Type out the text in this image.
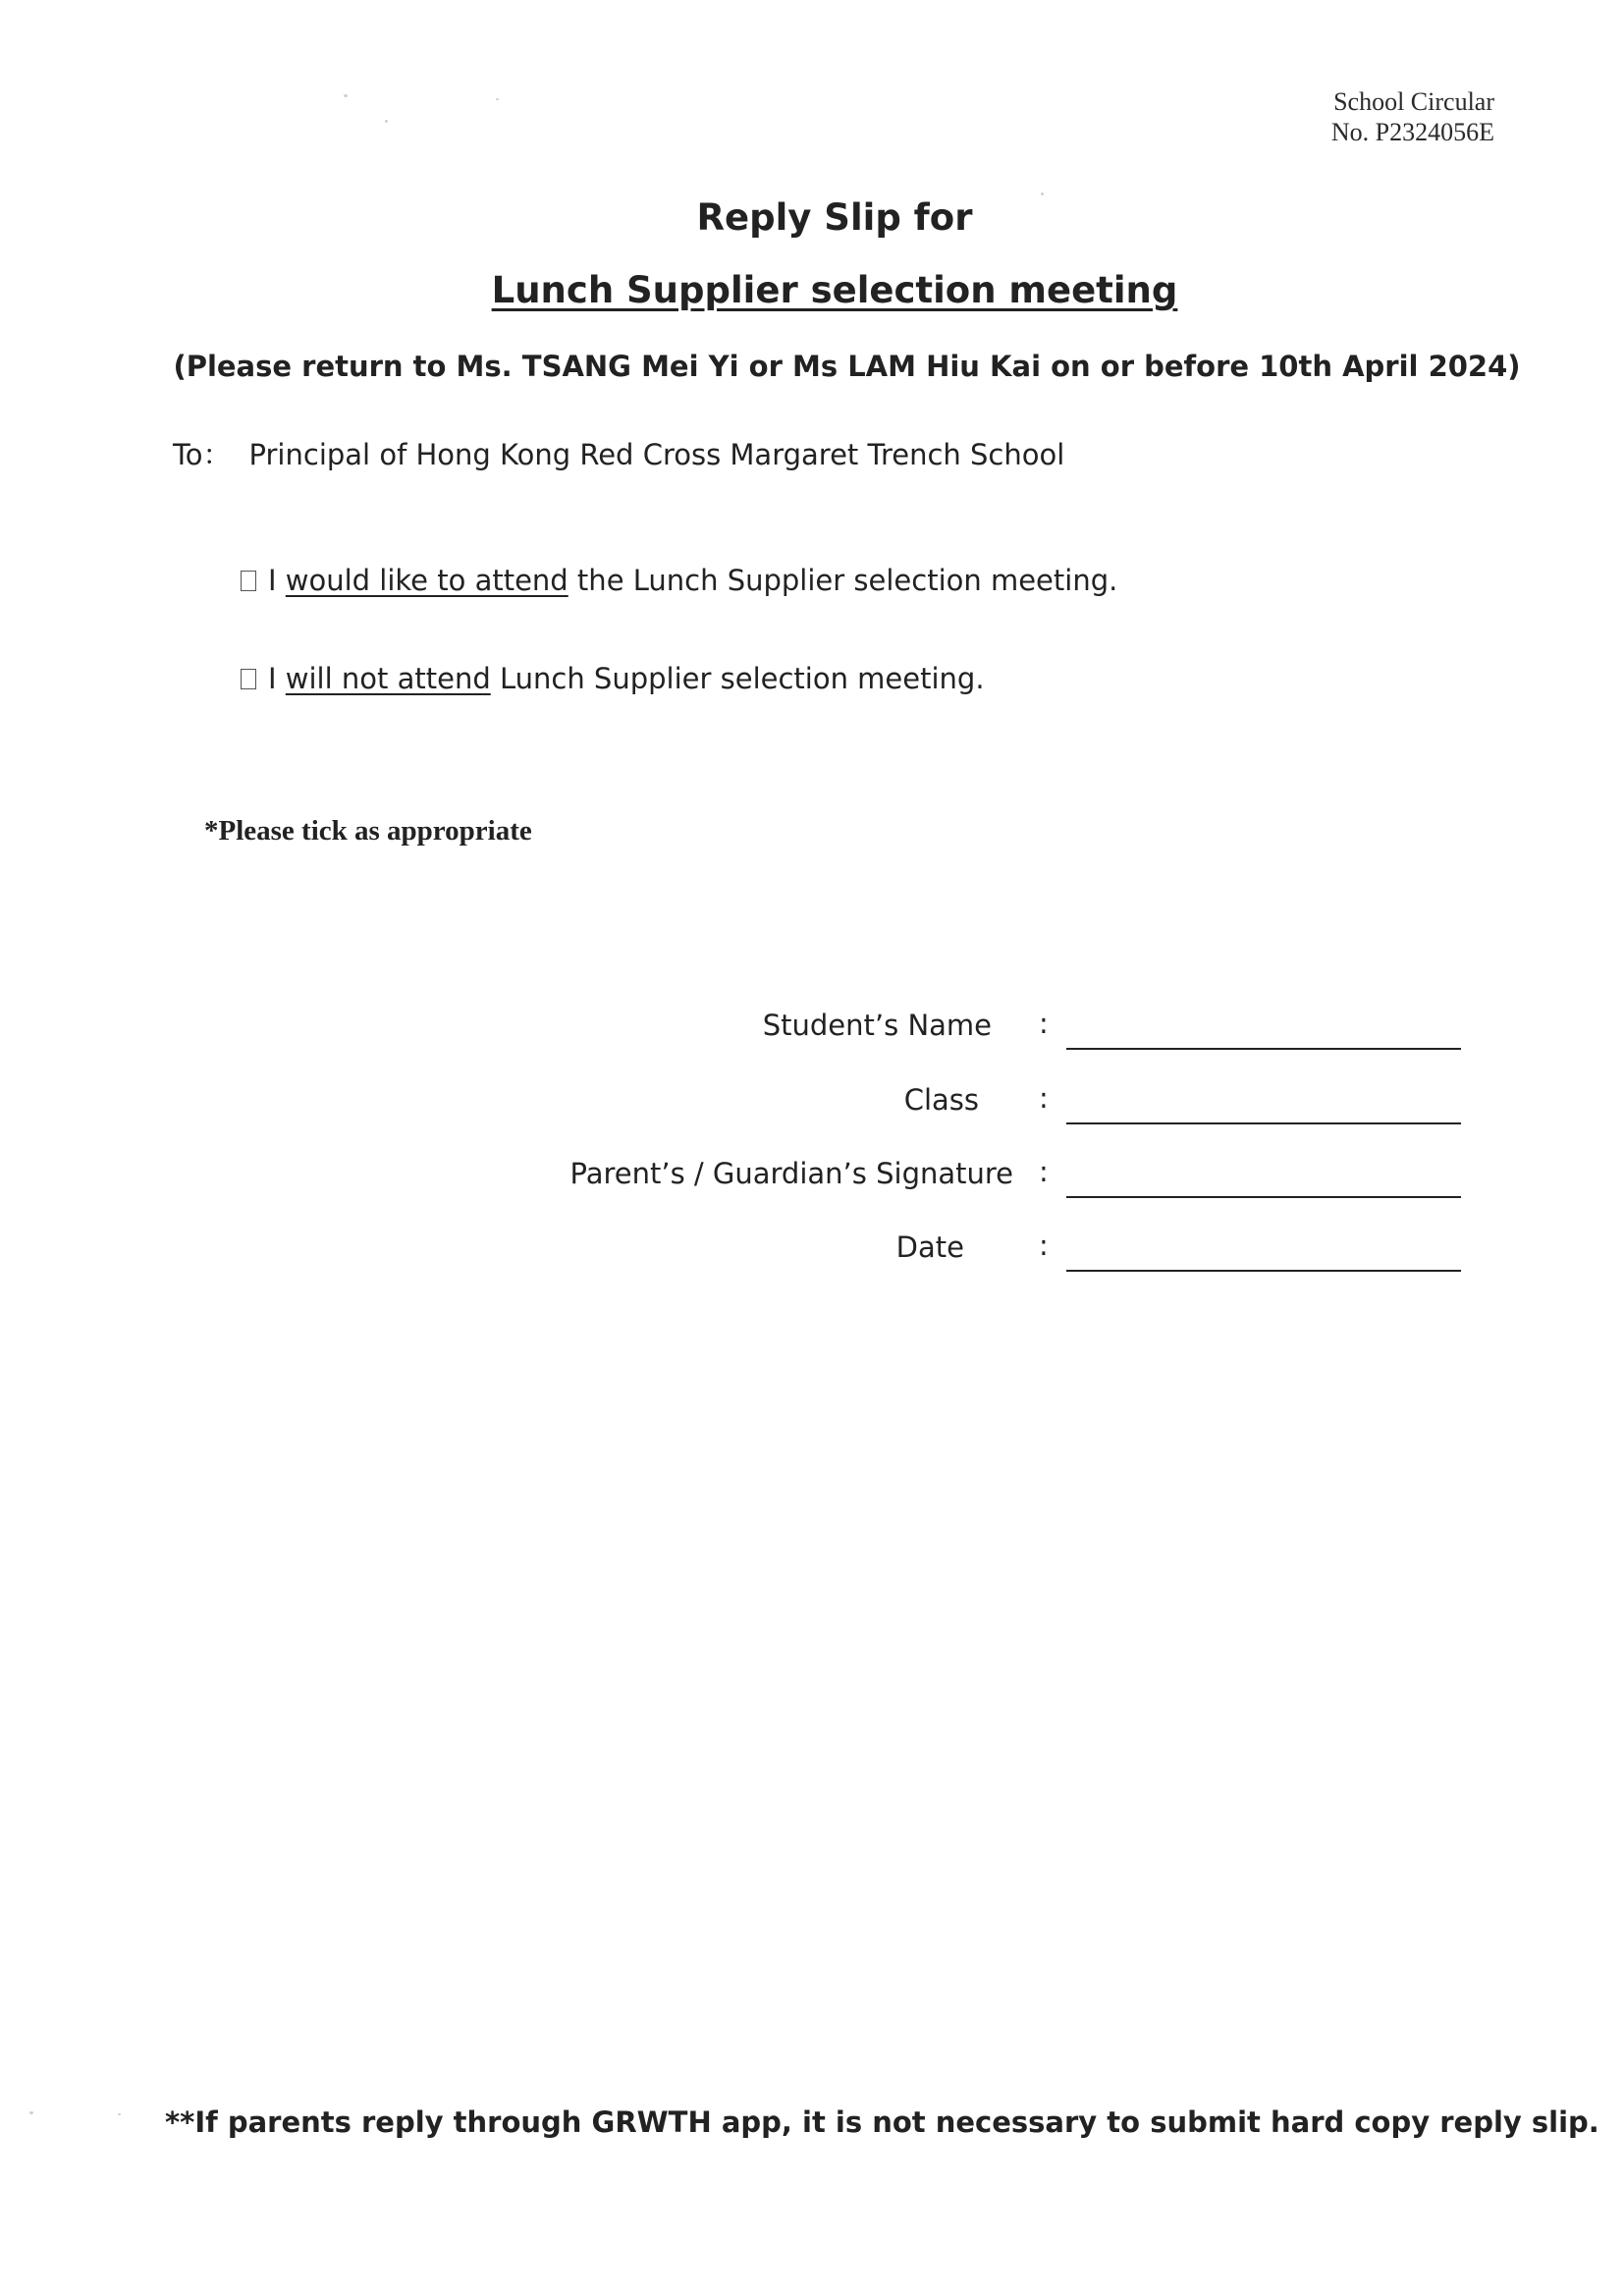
School Circular
No. P2324056E
Reply Slip for
Lunch Supplier selection meeting
(Please return to Ms. TSANG Mei Yi or Ms LAM Hiu Kai on or before 10th April 2024)
To： Principal of Hong Kong Red Cross Margaret Trench School
I would like to attend the Lunch Supplier selection meeting.
I will not attend Lunch Supplier selection meeting.
*Please tick as appropriate
Student’s Name :
Class :
Parent’s / Guardian’s Signature :
Date	:
**If parents reply through GRWTH app, it is not necessary to submit hard copy reply slip.
